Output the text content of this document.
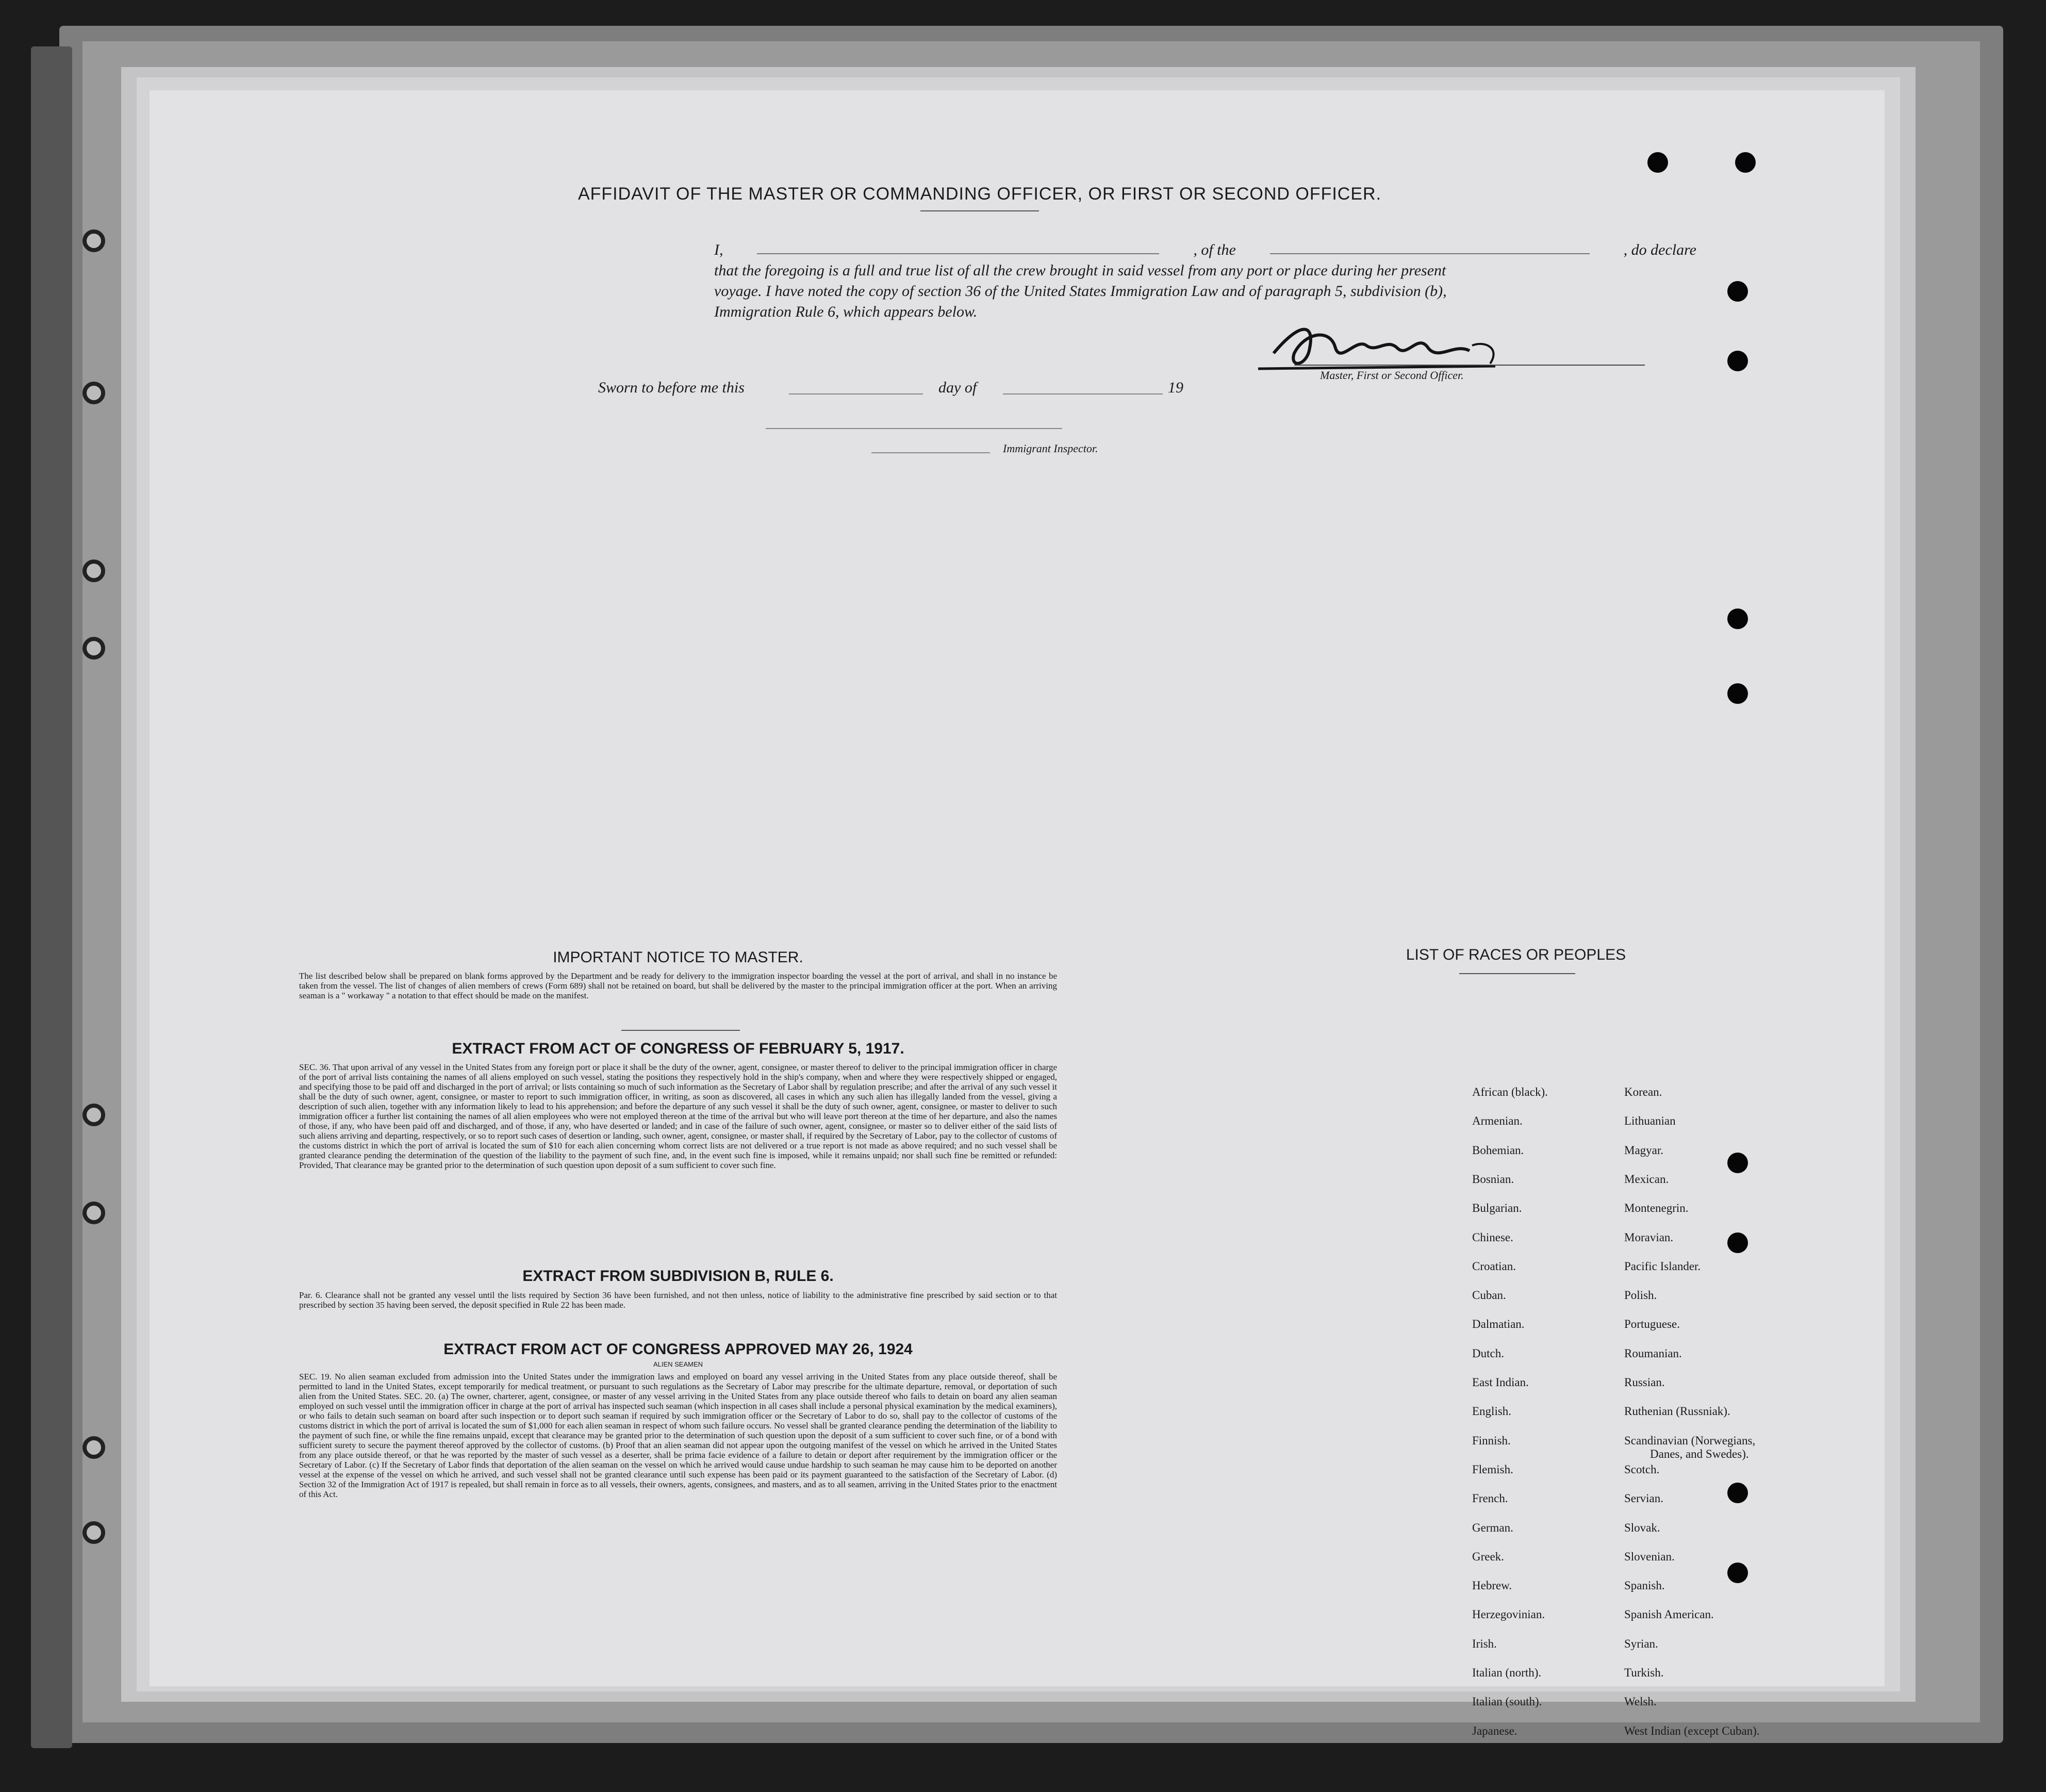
AFFIDAVIT OF THE MASTER OR COMMANDING OFFICER, OR FIRST OR SECOND OFFICER.
I,	, of the	, do declare
that the foregoing is a full and true list of all the crew brought in said vessel from any port or place during her present
voyage. I have noted the copy of section 36 of the United States Immigration Law and of paragraph 5, subdivision (b),
Immigration Rule 6, which appears below.
Master, First or Second Officer.
Sworn to before me this	day of	19
Immigrant Inspector.
IMPORTANT NOTICE TO MASTER.
The list described below shall be prepared on blank forms approved by the Department and be ready for delivery to the immigration inspector boarding the vessel at the port of arrival, and shall in no instance be taken from the vessel. The list of changes of alien members of crews (Form 689) shall not be retained on board, but shall be delivered by the master to the principal immigration officer at the port. When an arriving seaman is a " workaway " a notation to that effect should be made on the manifest.
EXTRACT FROM ACT OF CONGRESS OF FEBRUARY 5, 1917.
SEC. 36. That upon arrival of any vessel in the United States from any foreign port or place it shall be the duty of the owner, agent, consignee, or master thereof to deliver to the principal immigration officer in charge of the port of arrival lists containing the names of all aliens employed on such vessel, stating the positions they respectively hold in the ship's company, when and where they were respectively shipped or engaged, and specifying those to be paid off and discharged in the port of arrival; or lists containing so much of such information as the Secretary of Labor shall by regulation prescribe; and after the arrival of any such vessel it shall be the duty of such owner, agent, consignee, or master to report to such immigration officer, in writing, as soon as discovered, all cases in which any such alien has illegally landed from the vessel, giving a description of such alien, together with any information likely to lead to his apprehension; and before the departure of any such vessel it shall be the duty of such owner, agent, consignee, or master to deliver to such immigration officer a further list containing the names of all alien employees who were not employed thereon at the time of the arrival but who will leave port thereon at the time of her departure, and also the names of those, if any, who have been paid off and discharged, and of those, if any, who have deserted or landed; and in case of the failure of such owner, agent, consignee, or master so to deliver either of the said lists of such aliens arriving and departing, respectively, or so to report such cases of desertion or landing, such owner, agent, consignee, or master shall, if required by the Secretary of Labor, pay to the collector of customs of the customs district in which the port of arrival is located the sum of $10 for each alien concerning whom correct lists are not delivered or a true report is not made as above required; and no such vessel shall be granted clearance pending the determination of the question of the liability to the payment of such fine, and, in the event such fine is imposed, while it remains unpaid; nor shall such fine be remitted or refunded: Provided, That clearance may be granted prior to the determination of such question upon deposit of a sum sufficient to cover such fine.
EXTRACT FROM SUBDIVISION B, RULE 6.
Par. 6. Clearance shall not be granted any vessel until the lists required by Section 36 have been furnished, and not then unless, notice of liability to the administrative fine prescribed by said section or to that prescribed by section 35 having been served, the deposit specified in Rule 22 has been made.
EXTRACT FROM ACT OF CONGRESS APPROVED MAY 26, 1924
ALIEN SEAMEN
SEC. 19. No alien seaman excluded from admission into the United States under the immigration laws and employed on board any vessel arriving in the United States from any place outside thereof, shall be permitted to land in the United States, except temporarily for medical treatment, or pursuant to such regulations as the Secretary of Labor may prescribe for the ultimate departure, removal, or deportation of such alien from the United States. SEC. 20. (a) The owner, charterer, agent, consignee, or master of any vessel arriving in the United States from any place outside thereof who fails to detain on board any alien seaman employed on such vessel until the immigration officer in charge at the port of arrival has inspected such seaman (which inspection in all cases shall include a personal physical examination by the medical examiners), or who fails to detain such seaman on board after such inspection or to deport such seaman if required by such immigration officer or the Secretary of Labor to do so, shall pay to the collector of customs of the customs district in which the port of arrival is located the sum of $1,000 for each alien seaman in respect of whom such failure occurs. No vessel shall be granted clearance pending the determination of the liability to the payment of such fine, or while the fine remains unpaid, except that clearance may be granted prior to the determination of such question upon the deposit of a sum sufficient to cover such fine, or of a bond with sufficient surety to secure the payment thereof approved by the collector of customs. (b) Proof that an alien seaman did not appear upon the outgoing manifest of the vessel on which he arrived in the United States from any place outside thereof, or that he was reported by the master of such vessel as a deserter, shall be prima facie evidence of a failure to detain or deport after requirement by the immigration officer or the Secretary of Labor. (c) If the Secretary of Labor finds that deportation of the alien seaman on the vessel on which he arrived would cause undue hardship to such seaman he may cause him to be deported on another vessel at the expense of the vessel on which he arrived, and such vessel shall not be granted clearance until such expense has been paid or its payment guaranteed to the satisfaction of the Secretary of Labor. (d) Section 32 of the Immigration Act of 1917 is repealed, but shall remain in force as to all vessels, their owners, agents, consignees, and masters, and as to all seamen, arriving in the United States prior to the enactment of this Act.
LIST OF RACES OR PEOPLES
African (black).
Armenian.
Bohemian.
Bosnian.
Bulgarian.
Chinese.
Croatian.
Cuban.
Dalmatian.
Dutch.
East Indian.
English.
Finnish.
Flemish.
French.
German.
Greek.
Hebrew.
Herzegovinian.
Irish.
Italian (north).
Italian (south).
Japanese.
Korean.
Lithuanian
Magyar.
Mexican.
Montenegrin.
Moravian.
Pacific Islander.
Polish.
Portuguese.
Roumanian.
Russian.
Ruthenian (Russniak).
Scandinavian (Norwegians,
Scotch.
Servian.
Slovak.
Slovenian.
Spanish.
Spanish American.
Syrian.
Turkish.
Welsh.
West Indian (except Cuban).
Danes, and Swedes).
